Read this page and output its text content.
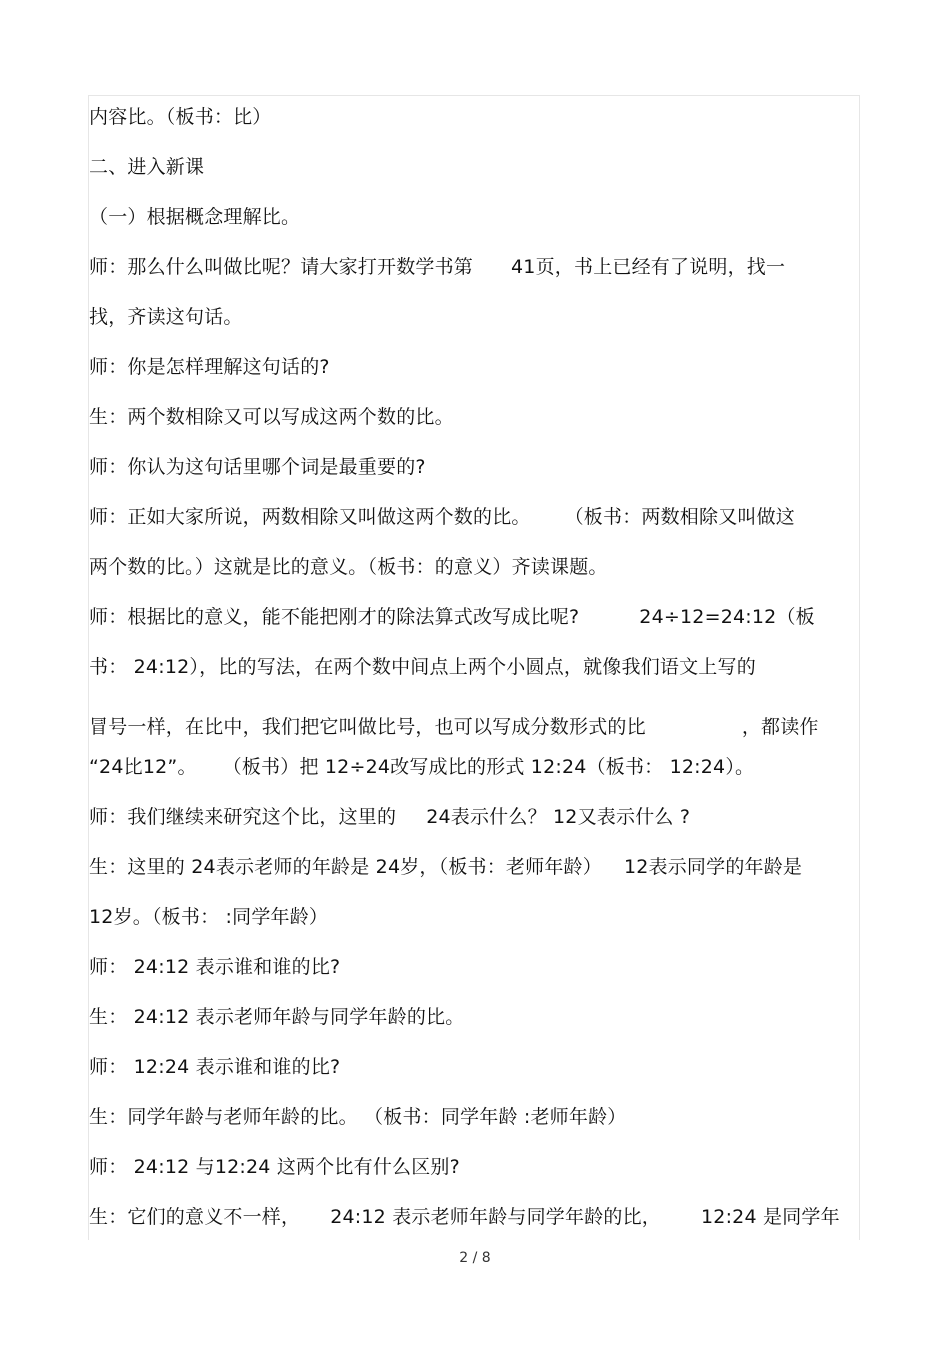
内容比。（板书：比）
二、进入新课
（一）根据概念理解比。
师：那么什么叫做比呢？请大家打开数学书第 41页，书上已经有了说明，找一
找，齐读这句话。
师：你是怎样理解这句话的?
生：两个数相除又可以写成这两个数的比。
师：你认为这句话里哪个词是最重要的?
师：正如大家所说，两数相除又叫做这两个数的比。 （板书：两数相除又叫做这
两个数的比。）这就是比的意义。（板书：的意义）齐读课题。
师：根据比的意义，能不能把刚才的除法算式改写成比呢?	24÷12=24:12（板
书： 24:12），比的写法，在两个数中间点上两个小圆点，就像我们语文上写的
冒号一样，在比中，我们把它叫做比号，也可以写成分数形式的比	，都读作
“24比12”。 （板书）把 12÷24改写成比的形式 12:24（板书： 12:24）。
师：我们继续来研究这个比，这里的 24表示什么？ 12又表示什么 ?
生：这里的 24表示老师的年龄是 24岁，（板书：老师年龄） 12表示同学的年龄是
12岁。（板书： :同学年龄）
师： 24:12 表示谁和谁的比?
生： 24:12 表示老师年龄与同学年龄的比。
师： 12:24 表示谁和谁的比?
生：同学年龄与老师年龄的比。 （板书：同学年龄 :老师年龄）
师： 24:12 与12:24 这两个比有什么区别?
生：它们的意义不一样， 24:12 表示老师年龄与同学年龄的比， 12:24 是同学年
2 / 8
